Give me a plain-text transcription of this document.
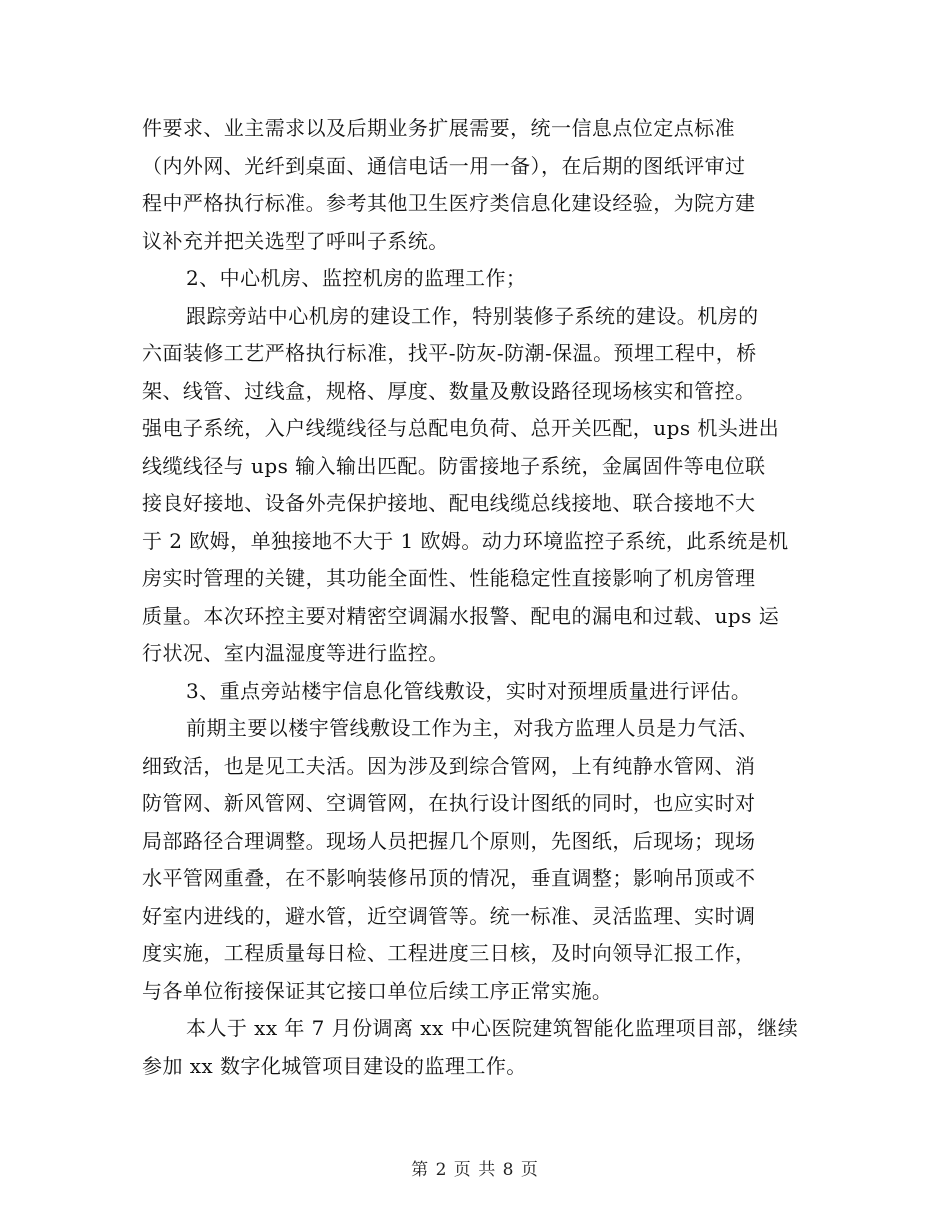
件要求、业主需求以及后期业务扩展需要，统一信息点位定点标准
（内外网、光纤到桌面、通信电话一用一备），在后期的图纸评审过
程中严格执行标准。参考其他卫生医疗类信息化建设经验，为院方建
议补充并把关选型了呼叫子系统。
2、中心机房、监控机房的监理工作；
跟踪旁站中心机房的建设工作，特别装修子系统的建设。机房的
六面装修工艺严格执行标准，找平-防灰-防潮-保温。预埋工程中，桥
架、线管、过线盒，规格、厚度、数量及敷设路径现场核实和管控。
强电子系统，入户线缆线径与总配电负荷、总开关匹配，ups 机头进出
线缆线径与 ups 输入输出匹配。防雷接地子系统，金属固件等电位联
接良好接地、设备外壳保护接地、配电线缆总线接地、联合接地不大
于 2 欧姆，单独接地不大于 1 欧姆。动力环境监控子系统，此系统是机
房实时管理的关键，其功能全面性、性能稳定性直接影响了机房管理
质量。本次环控主要对精密空调漏水报警、配电的漏电和过载、ups 运
行状况、室内温湿度等进行监控。
3、重点旁站楼宇信息化管线敷设，实时对预埋质量进行评估。
前期主要以楼宇管线敷设工作为主，对我方监理人员是力气活、
细致活，也是见工夫活。因为涉及到综合管网，上有纯静水管网、消
防管网、新风管网、空调管网，在执行设计图纸的同时，也应实时对
局部路径合理调整。现场人员把握几个原则，先图纸，后现场；现场
水平管网重叠，在不影响装修吊顶的情况，垂直调整；影响吊顶或不
好室内进线的，避水管，近空调管等。统一标准、灵活监理、实时调
度实施，工程质量每日检、工程进度三日核，及时向领导汇报工作，
与各单位衔接保证其它接口单位后续工序正常实施。
本人于 xx 年 7 月份调离 xx 中心医院建筑智能化监理项目部，继续
参加 xx 数字化城管项目建设的监理工作。
第 2 页 共 8 页
